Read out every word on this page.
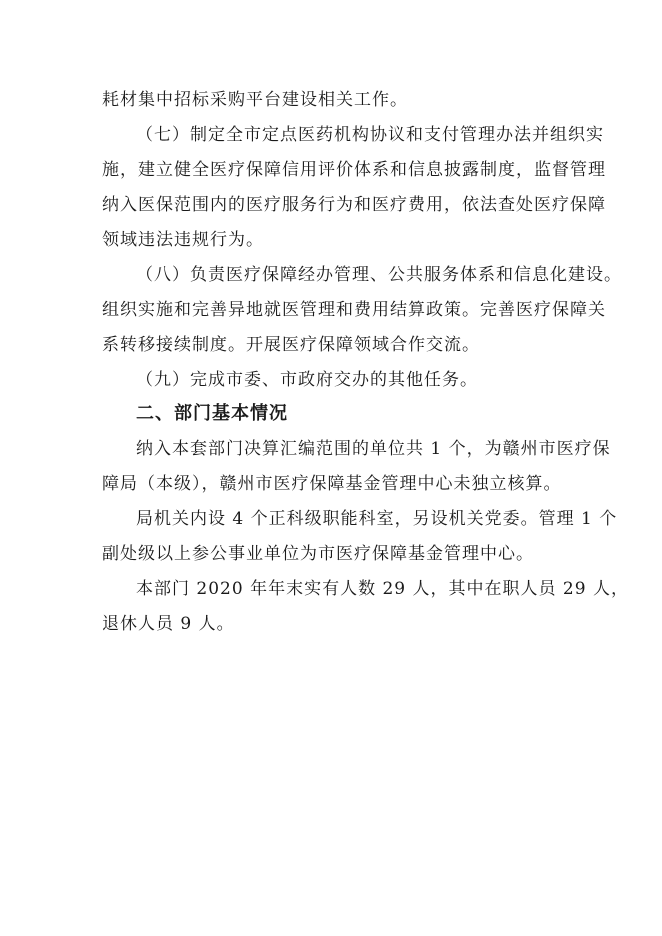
耗材集中招标采购平台建设相关工作。
（七）制定全市定点医药机构协议和支付管理办法并组织实
施，建立健全医疗保障信用评价体系和信息披露制度，监督管理
纳入医保范围内的医疗服务行为和医疗费用，依法查处医疗保障
领域违法违规行为。
（八）负责医疗保障经办管理、公共服务体系和信息化建设。
组织实施和完善异地就医管理和费用结算政策。完善医疗保障关
系转移接续制度。开展医疗保障领域合作交流。
（九）完成市委、市政府交办的其他任务。
二、部门基本情况
纳入本套部门决算汇编范围的单位共 1 个，为赣州市医疗保
障局（本级），赣州市医疗保障基金管理中心未独立核算。
局机关内设 4 个正科级职能科室，另设机关党委。管理 1 个
副处级以上参公事业单位为市医疗保障基金管理中心。
本部门 2020 年年末实有人数 29 人，其中在职人员 29 人，
退休人员 9 人。
